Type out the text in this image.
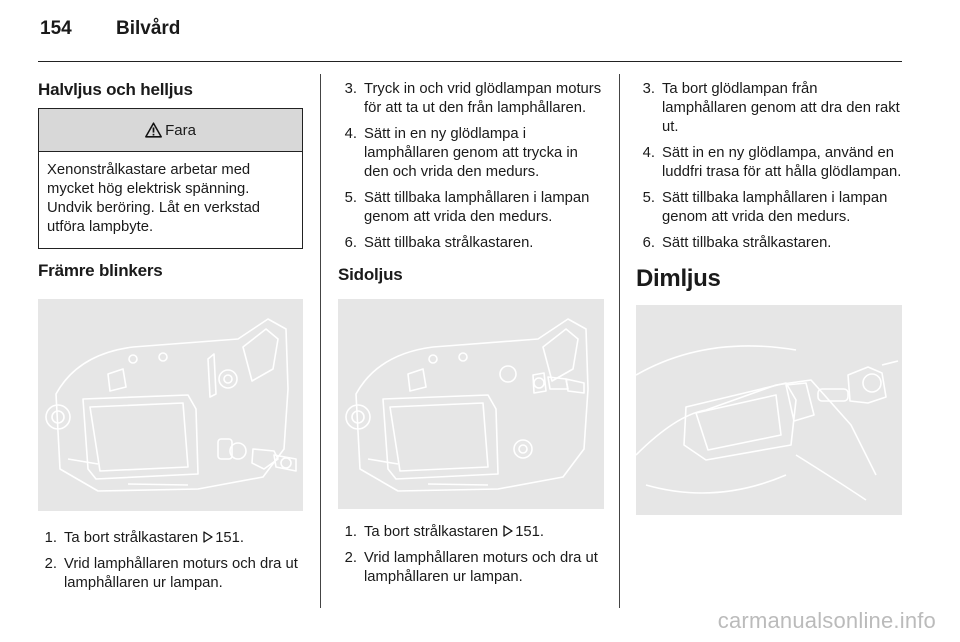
154 Bilvård
Halvljus och helljus
Fara
Xenonstrålkastare arbetar med mycket hög elektrisk spänning. Undvik beröring. Låt en verkstad utföra lampbyte.
Främre blinkers
1. Ta bort strålkastaren 151.
2. Vrid lamphållaren moturs och dra ut lamphållaren ur lampan.
3. Tryck in och vrid glödlampan moturs för att ta ut den från lamphållaren.
4. Sätt in en ny glödlampa i lamphållaren genom att trycka in den och vrida den medurs.
5. Sätt tillbaka lamphållaren i lampan genom att vrida den medurs.
6. Sätt tillbaka strålkastaren.
Sidoljus
1. Ta bort strålkastaren 151.
2. Vrid lamphållaren moturs och dra ut lamphållaren ur lampan.
3. Ta bort glödlampan från lamphållaren genom att dra den rakt ut.
4. Sätt in en ny glödlampa, använd en luddfri trasa för att hålla glödlampan.
5. Sätt tillbaka lamphållaren i lampan genom att vrida den medurs.
6. Sätt tillbaka strålkastaren.
Dimljus
carmanualsonline.info
